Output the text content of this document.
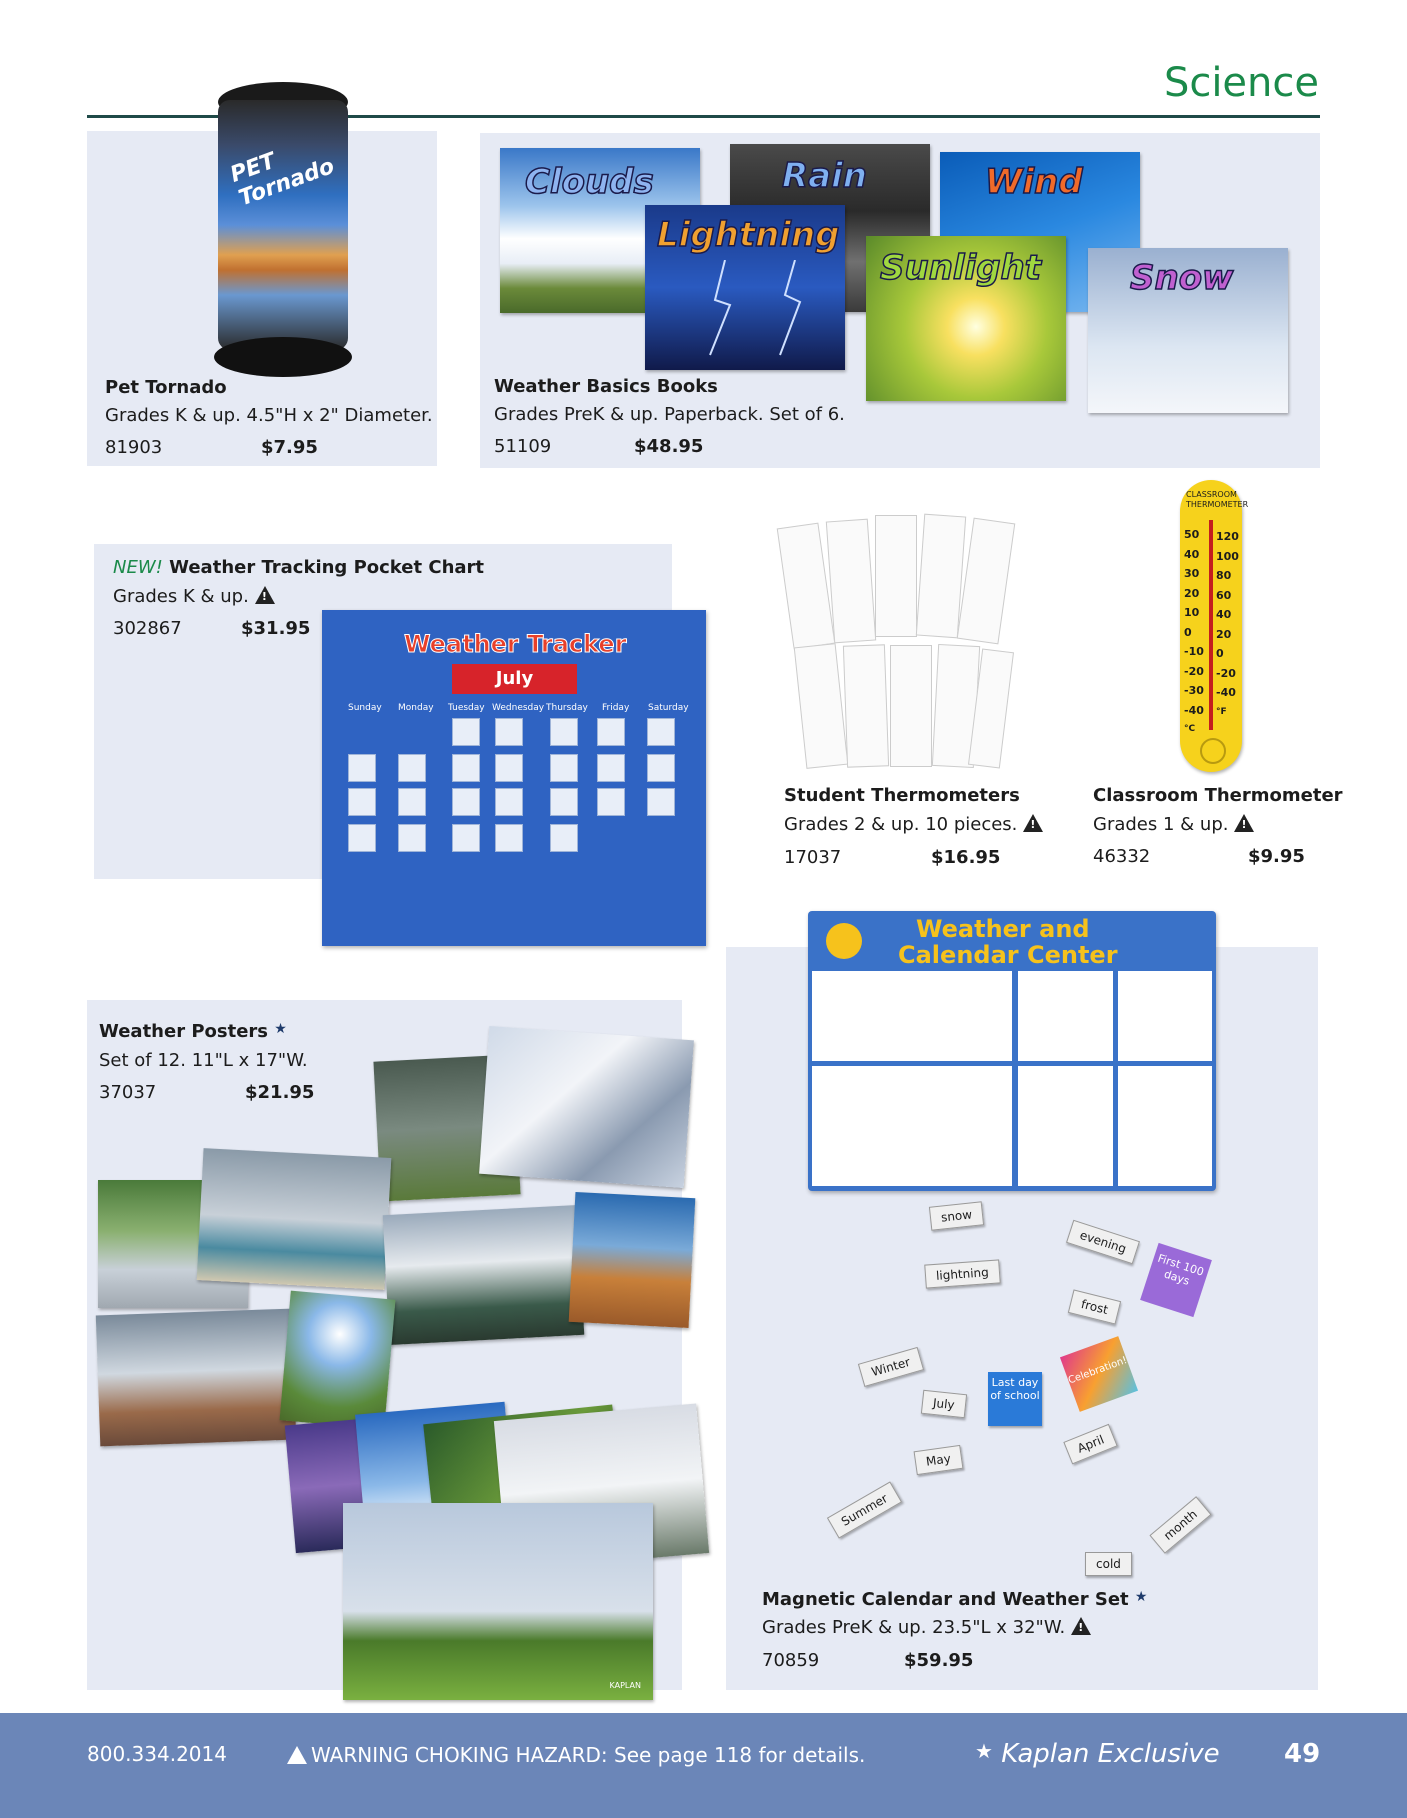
Science
PET Tornado
Pet Tornado
Grades K & up. 4.5"H x 2" Diameter.
81903	$7.95
Clouds	Rain	Wind
Lightning
Sunlight	Snow
Weather Basics Books
Grades PreK & up. Paperback. Set of 6.
51109	$48.95
NEW! Weather Tracking Pocket Chart
Grades K & up.!
302867	$31.95
Weather Tracker
July
Sunday Monday Tuesday Wednesday Thursday Friday Saturday
Student Thermometers
Grades 2 & up. 10 pieces.!
17037	$16.95
CLASSROOM THERMOMETER
50
40
30
20
10
0
-10
-20
-30
-40
°C
120
100
80
60
40
20
0
-20
-40
°F
Classroom Thermometer
Grades 1 & up.!
46332	$9.95
Weather Posters ★
Set of 12. 11"L x 17"W.
37037	$21.95
KAPLAN
Weather and
Calendar Center
snow
evening
lightning
frost
Winter
July
May
April
Summer
cold
month
Last day of school
Celebration!
First 100 days
Magnetic Calendar and Weather Set ★
Grades PreK & up. 23.5"L x 32"W.!
70859	$59.95
800.334.2014
!	WARNING CHOKING HAZARD: See page 118 for details.	★ Kaplan Exclusive 49
